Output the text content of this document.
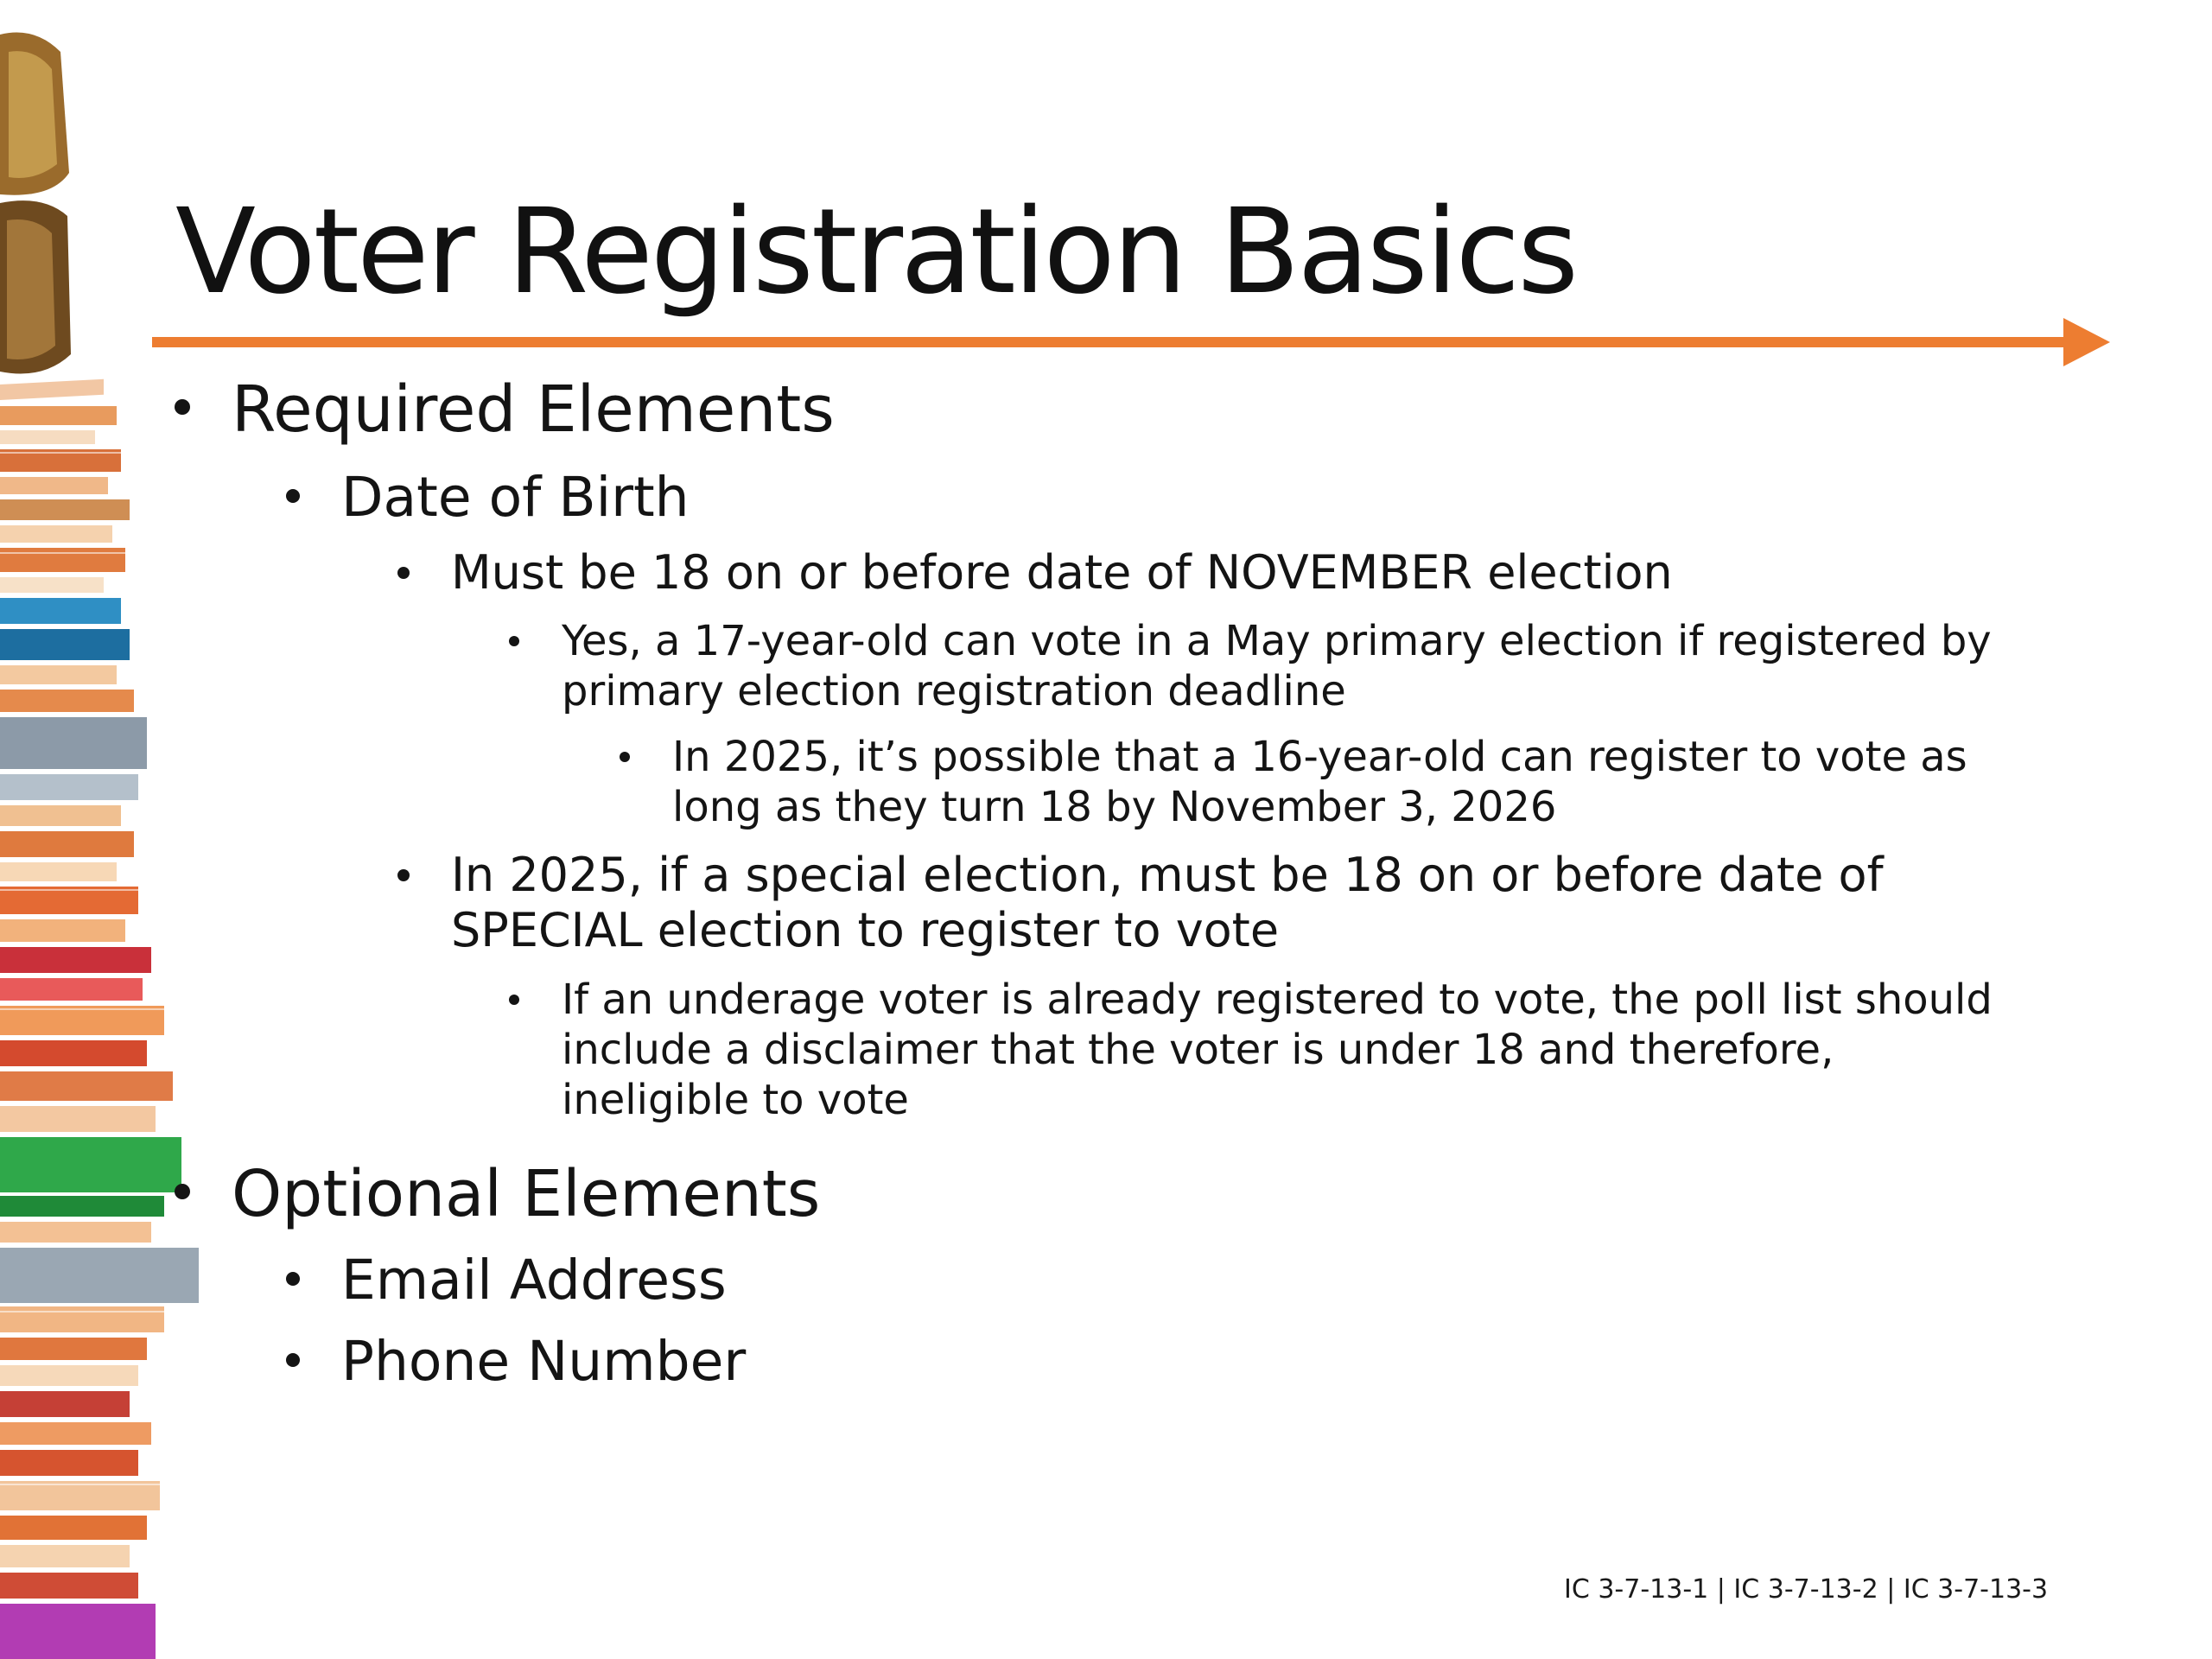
Voter Registration Basics
Required Elements
Date of Birth
Must be 18 on or before date of NOVEMBER election
Yes, a 17-year-old can vote in a May primary election if registered by
primary election registration deadline
In 2025, it’s possible that a 16-year-old can register to vote as
long as they turn 18 by November 3, 2026
In 2025, if a special election, must be 18 on or before date of
SPECIAL election to register to vote
If an underage voter is already registered to vote, the poll list should
include a disclaimer that the voter is under 18 and therefore,
ineligible to vote
Optional Elements
Email Address
Phone Number
IC 3-7-13-1 | IC 3-7-13-2 | IC 3-7-13-3
